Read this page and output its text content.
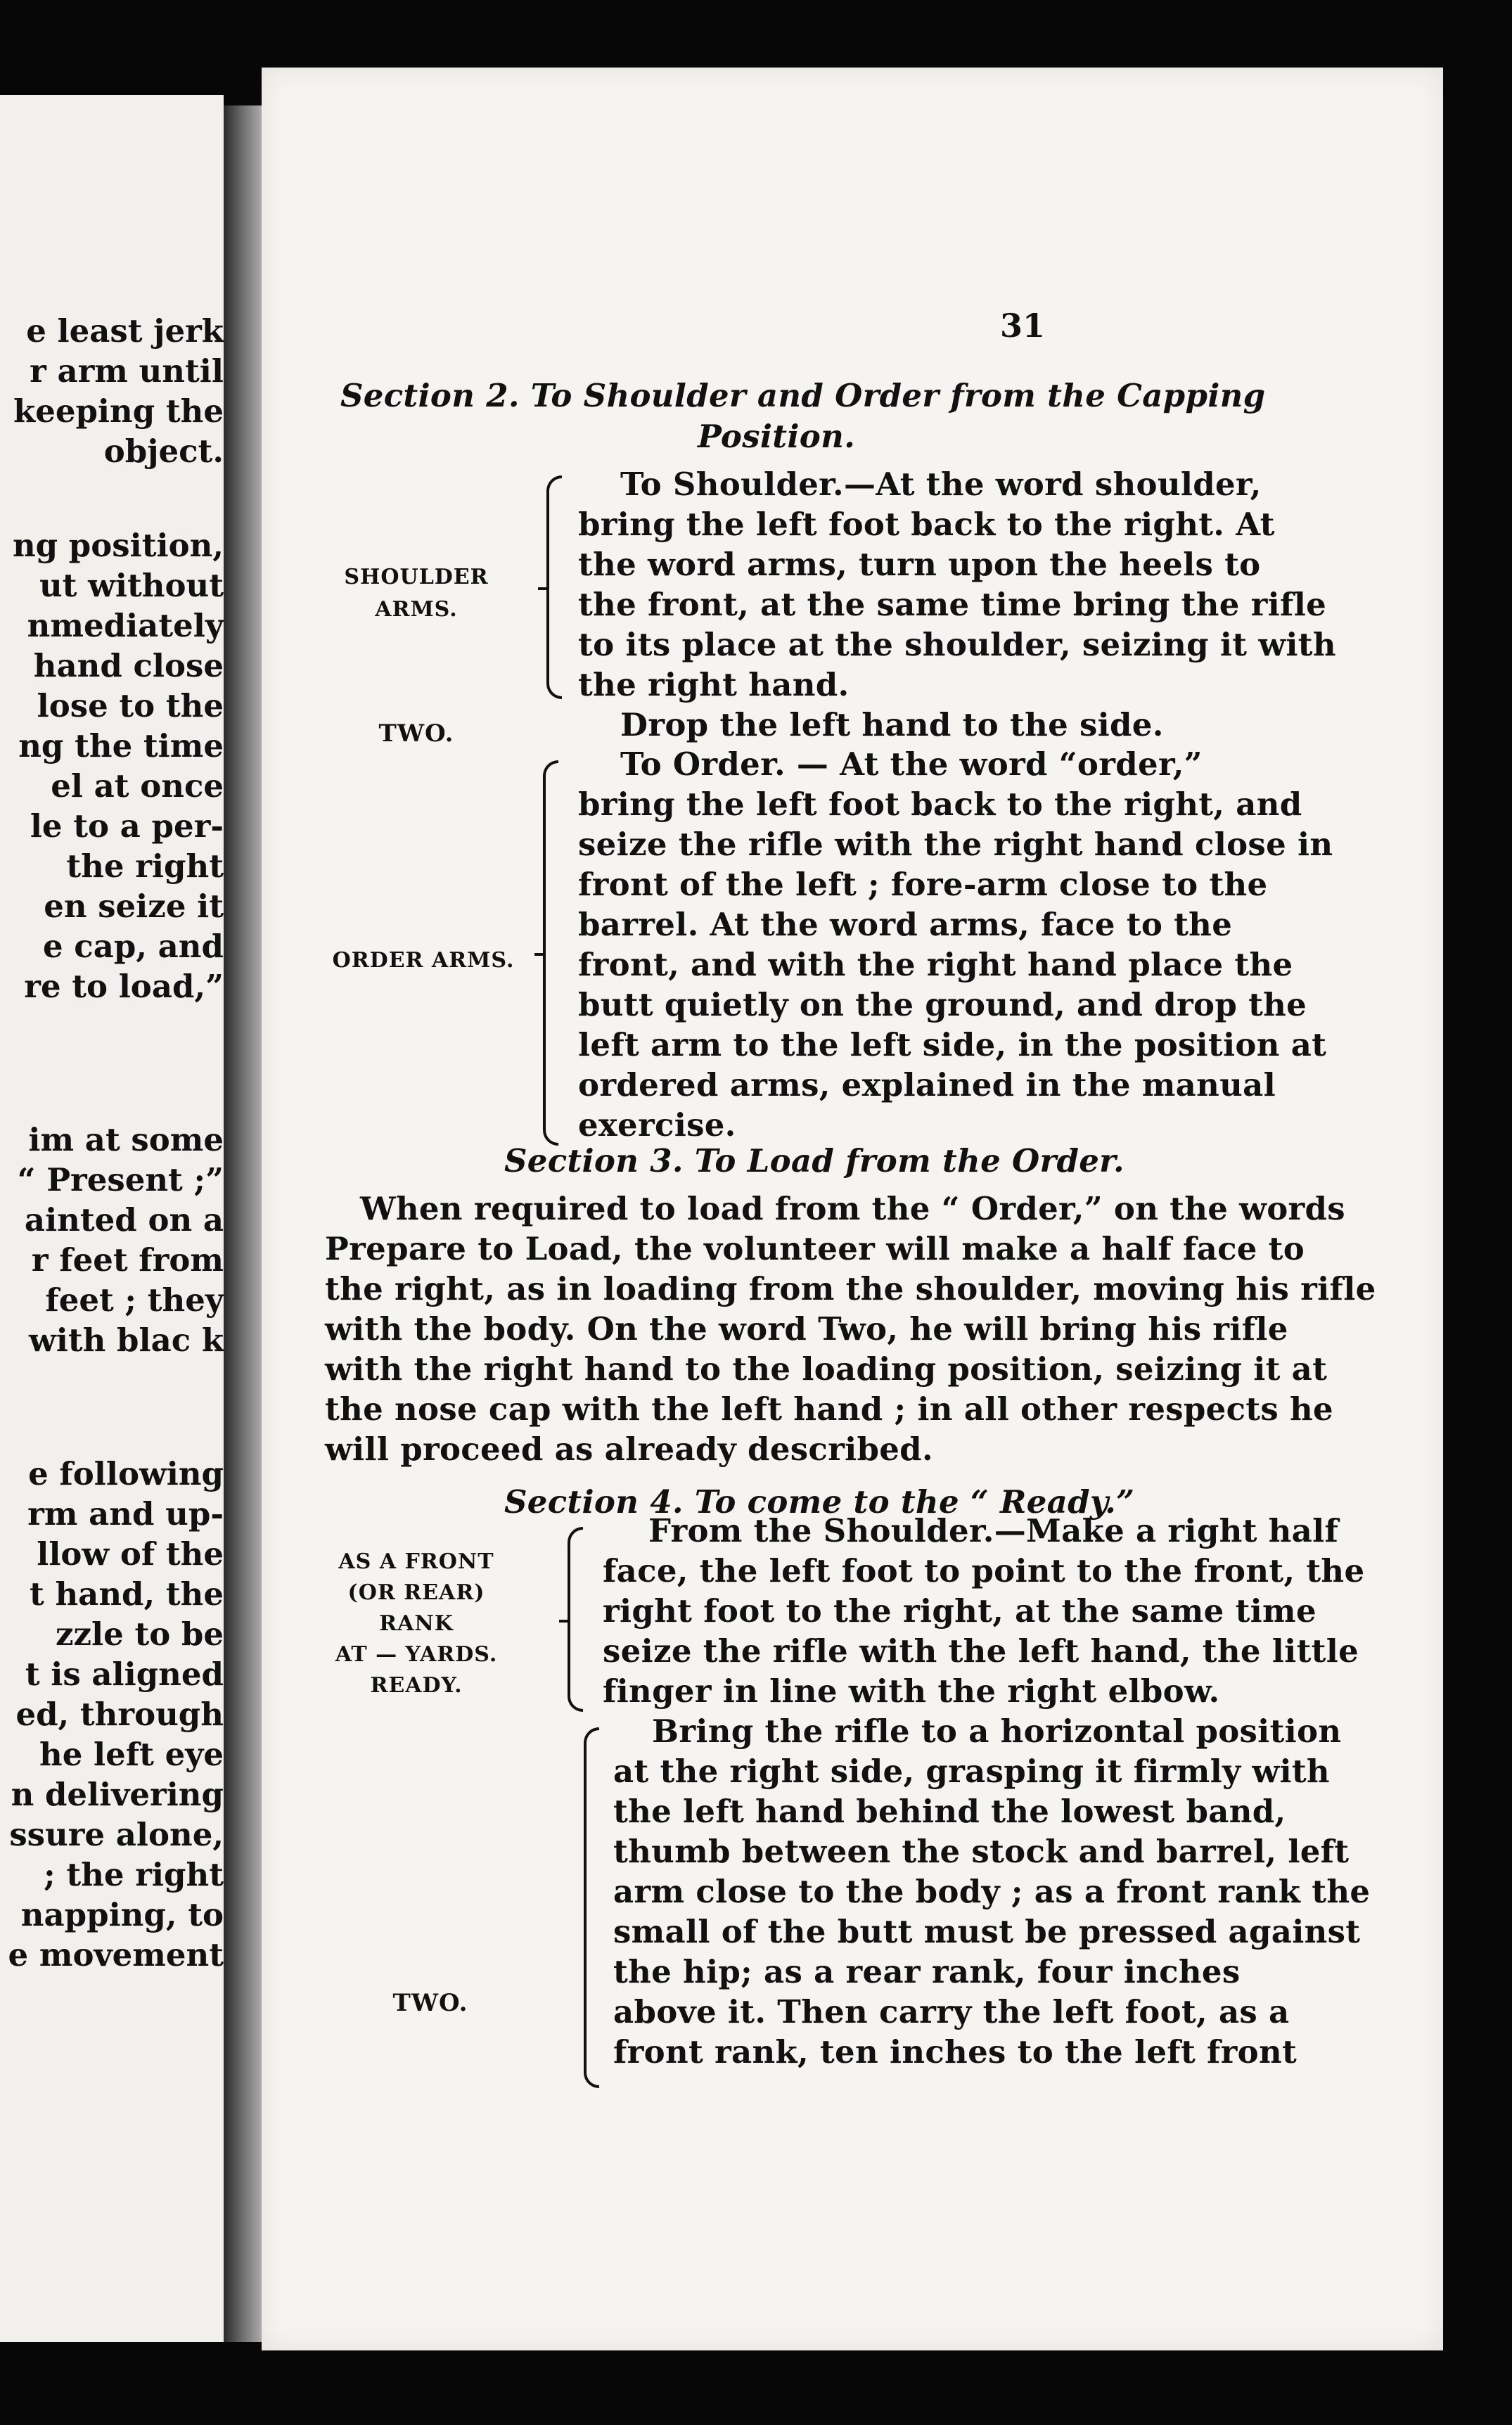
e least jerk
r arm until
keeping the
object.
ng position,
ut without
nmediately
hand close
lose to the
ng the time
el at once
le to a per-
the right
en seize it
e cap, and
re to load,”
im at some
“ Present ;”
ainted on a
r feet from
feet ; they
with blac k
e following
rm and up-
llow of the
t hand, the
zzle to be
t is aligned
ed, through
he left eye
n delivering
ssure alone,
; the right
napping, to
e movement
31
Section 2. To Shoulder and Order from the Capping
Position.
SHOULDER
ARMS.
To Shoulder.—At the word shoulder,
bring the left foot back to the right. At
the word arms, turn upon the heels to
the front, at the same time bring the rifle
to its place at the shoulder, seizing it with
the right hand.
TWO.	Drop the left hand to the side.
ORDER ARMS.
To Order. — At the word “order,”
bring the left foot back to the right, and
seize the rifle with the right hand close in
front of the left ; fore-arm close to the
barrel. At the word arms, face to the
front, and with the right hand place the
butt quietly on the ground, and drop the
left arm to the left side, in the position at
ordered arms, explained in the manual
exercise.
Section 3. To Load from the Order.
When required to load from the “ Order,” on the words
Prepare to Load, the volunteer will make a half face to
the right, as in loading from the shoulder, moving his rifle
with the body. On the word Two, he will bring his rifle
with the right hand to the loading position, seizing it at
the nose cap with the left hand ; in all other respects he
will proceed as already described.
Section 4. To come to the “ Ready.”
AS A FRONT
(OR REAR)
RANK
AT — YARDS.
READY.
From the Shoulder.—Make a right half
face, the left foot to point to the front, the
right foot to the right, at the same time
seize the rifle with the left hand, the little
finger in line with the right elbow.
TWO.
Bring the rifle to a horizontal position
at the right side, grasping it firmly with
the left hand behind the lowest band,
thumb between the stock and barrel, left
arm close to the body ; as a front rank the
small of the butt must be pressed against
the hip; as a rear rank, four inches
above it. Then carry the left foot, as a
front rank, ten inches to the left front
